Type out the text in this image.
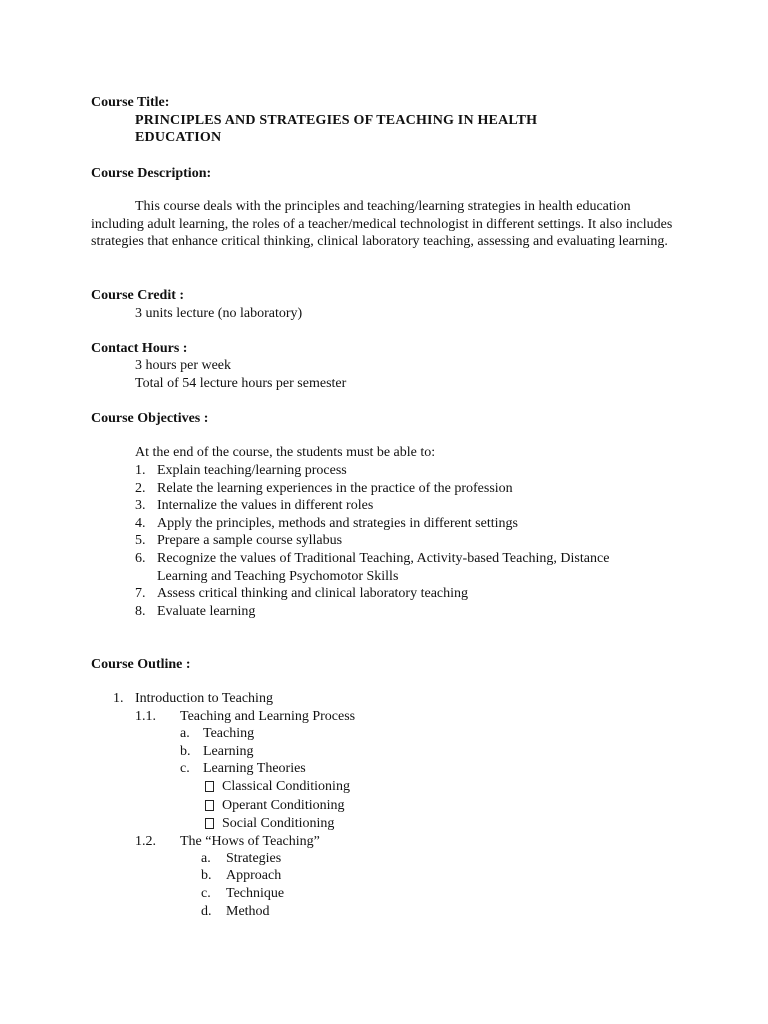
Course Title:
PRINCIPLES AND STRATEGIES OF TEACHING IN HEALTH
EDUCATION
Course Description:
This course deals with the principles and teaching/learning strategies in health education including adult learning, the roles of a teacher/medical technologist in different settings. It also includes strategies that enhance critical thinking, clinical laboratory teaching, assessing and evaluating learning.
Course Credit :
3 units lecture (no laboratory)
Contact Hours :
3 hours per week
Total of 54 lecture hours per semester
Course Objectives :
At the end of the course, the students must be able to:
1. Explain teaching/learning process
2. Relate the learning experiences in the practice of the profession
3. Internalize the values in different roles
4. Apply the principles, methods and strategies in different settings
5. Prepare a sample course syllabus
6. Recognize the values of Traditional Teaching, Activity-based Teaching, Distance
Learning and Teaching Psychomotor Skills
7. Assess critical thinking and clinical laboratory teaching
8. Evaluate learning
Course Outline :
1. Introduction to Teaching
1.1. Teaching and Learning Process
a. Teaching
b. Learning
c. Learning Theories
Classical Conditioning
Operant Conditioning
Social Conditioning
1.2. The “Hows of Teaching”
a. Strategies
b. Approach
c. Technique
d. Method
